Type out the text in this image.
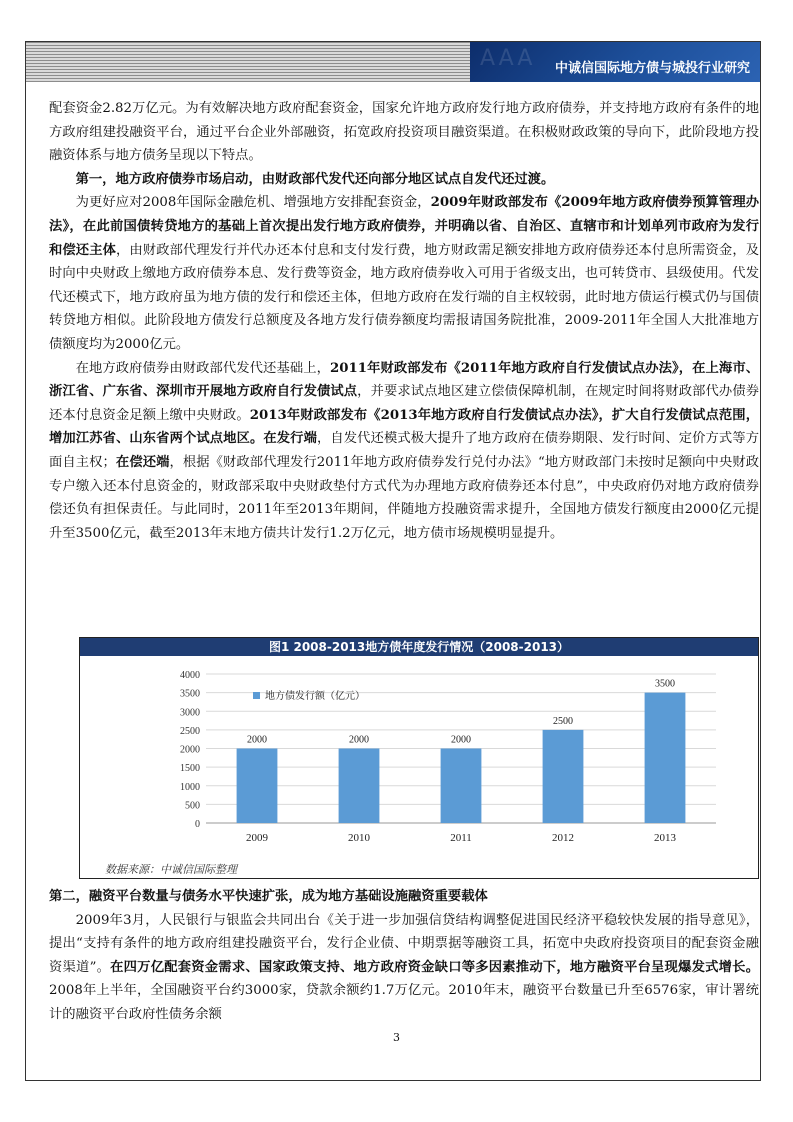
AAA 中诚信国际地方债与城投行业研究

配套资金2.82万亿元。为有效解决地方政府配套资金，国家允许地方政府发行地方政府债券，并支持地方政府有条件的地方政府组建投融资平台，通过平台企业外部融资，拓宽政府投资项目融资渠道。在积极财政政策的导向下，此阶段地方投融资体系与地方债务呈现以下特点。

第一，地方政府债券市场启动，由财政部代发代还向部分地区试点自发代还过渡。

为更好应对2008年国际金融危机、增强地方安排配套资金，2009年财政部发布《2009年地方政府债券预算管理办法》，在此前国债转贷地方的基础上首次提出发行地方政府债券，并明确以省、自治区、直辖市和计划单列市政府为发行和偿还主体，由财政部代理发行并代办还本付息和支付发行费，地方财政需足额安排地方政府债券还本付息所需资金，及时向中央财政上缴地方政府债券本息、发行费等资金，地方政府债券收入可用于省级支出，也可转贷市、县级使用。代发代还模式下，地方政府虽为地方债的发行和偿还主体，但地方政府在发行端的自主权较弱，此时地方债运行模式仍与国债转贷地方相似。此阶段地方债发行总额度及各地方发行债券额度均需报请国务院批准，2009-2011年全国人大批准地方债额度均为2000亿元。

在地方政府债券由财政部代发代还基础上，2011年财政部发布《2011年地方政府自行发债试点办法》，在上海市、浙江省、广东省、深圳市开展地方政府自行发债试点，并要求试点地区建立偿债保障机制，在规定时间将财政部代办债券还本付息资金足额上缴中央财政。2013年财政部发布《2013年地方政府自行发债试点办法》，扩大自行发债试点范围，增加江苏省、山东省两个试点地区。在发行端，自发代还模式极大提升了地方政府在债券期限、发行时间、定价方式等方面自主权；在偿还端，根据《财政部代理发行2011年地方政府债券发行兑付办法》“地方财政部门未按时足额向中央财政专户缴入还本付息资金的，财政部采取中央财政垫付方式代为办理地方政府债券还本付息”，中央政府仍对地方政府债券偿还负有担保责任。与此同时，2011年至2013年期间，伴随地方投融资需求提升，全国地方债发行额度由2000亿元提升至3500亿元，截至2013年末地方债共计发行1.2万亿元，地方债市场规模明显提升。

图1 2008-2013地方债年度发行情况（2008-2013）
0
500
1000
1500
2000
2500
3000
3500
4000
2000
2009
2000
2010
2000
2011
2500
2012
3500
2013
地方债发行额（亿元）
数据来源：中诚信国际整理

第二，融资平台数量与债务水平快速扩张，成为地方基础设施融资重要载体

2009年3月，人民银行与银监会共同出台《关于进一步加强信贷结构调整促进国民经济平稳较快发展的指导意见》，提出“支持有条件的地方政府组建投融资平台，发行企业债、中期票据等融资工具，拓宽中央政府投资项目的配套资金融资渠道”。在四万亿配套资金需求、国家政策支持、地方政府资金缺口等多因素推动下，地方融资平台呈现爆发式增长。2008年上半年，全国融资平台约3000家，贷款余额约1.7万亿元。2010年末，融资平台数量已升至6576家，审计署统计的融资平台政府性债务余额

3
